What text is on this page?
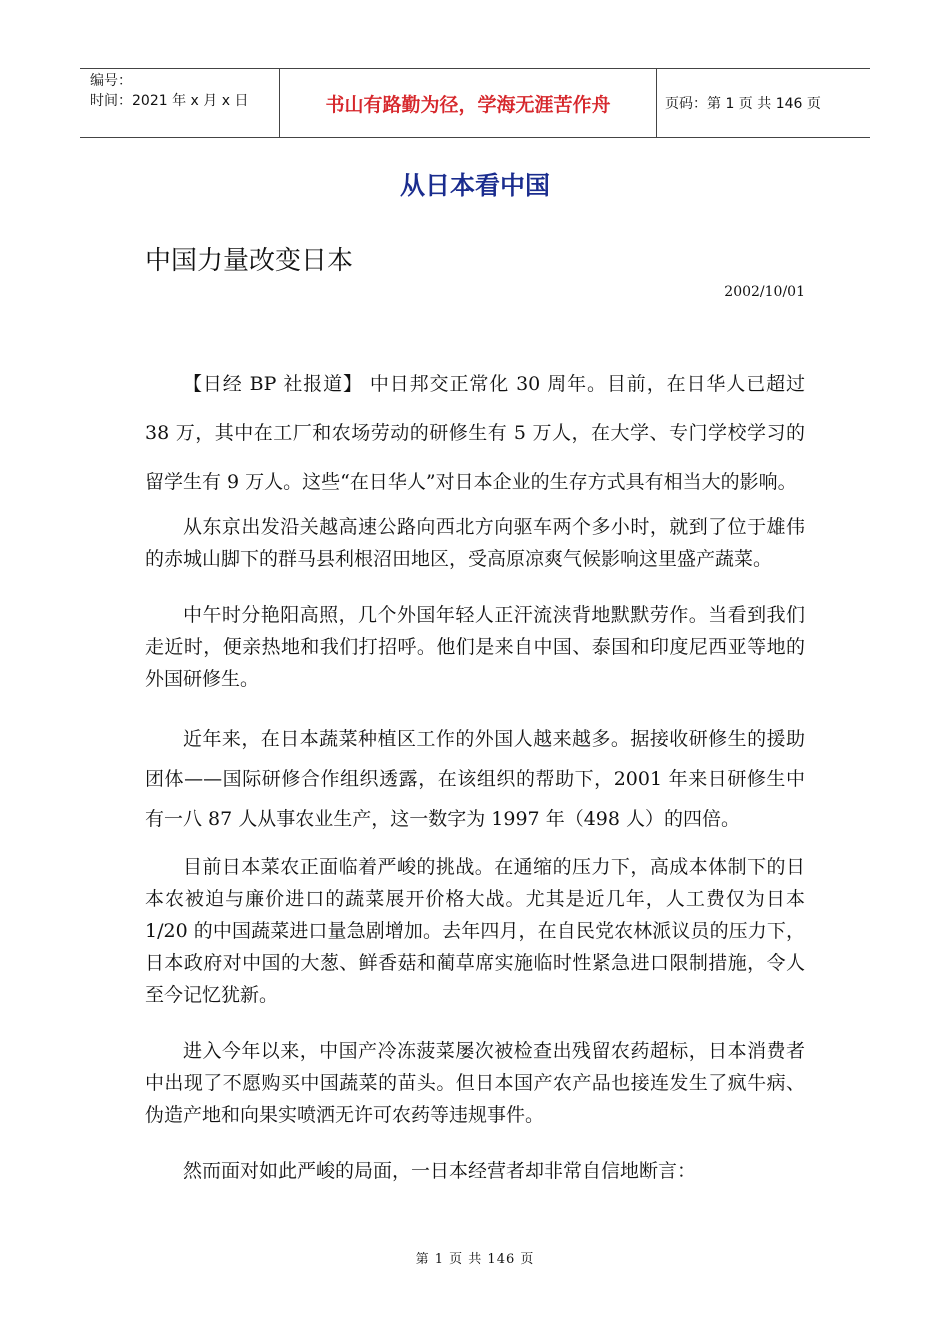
编号：
时间：2021 年 x 月 x 日	书山有路勤为径，学海无涯苦作舟	页码：第 1 页 共 146 页
从日本看中国
中国力量改变日本
2002/10/01

【日经 BP 社报道】 中日邦交正常化 30 周年。目前，在日华人已超过 38 万，其中在工厂和农场劳动的研修生有 5 万人，在大学、专门学校学习的留学生有 9 万人。这些“在日华人”对日本企业的生存方式具有相当大的影响。

从东京出发沿关越高速公路向西北方向驱车两个多小时，就到了位于雄伟的赤城山脚下的群马县利根沼田地区，受高原凉爽气候影响这里盛产蔬菜。

中午时分艳阳高照，几个外国年轻人正汗流浃背地默默劳作。当看到我们走近时，便亲热地和我们打招呼。他们是来自中国、泰国和印度尼西亚等地的外国研修生。

近年来，在日本蔬菜种植区工作的外国人越来越多。据接收研修生的援助团体——国际研修合作组织透露，在该组织的帮助下，2001 年来日研修生中有一八 87 人从事农业生产，这一数字为 1997 年（498 人）的四倍。

目前日本菜农正面临着严峻的挑战。在通缩的压力下，高成本体制下的日本农被迫与廉价进口的蔬菜展开价格大战。尤其是近几年，人工费仅为日本 1/20 的中国蔬菜进口量急剧增加。去年四月，在自民党农林派议员的压力下，日本政府对中国的大葱、鲜香菇和蔺草席实施临时性紧急进口限制措施，令人至今记忆犹新。

进入今年以来，中国产冷冻菠菜屡次被检查出残留农药超标，日本消费者中出现了不愿购买中国蔬菜的苗头。但日本国产农产品也接连发生了疯牛病、伪造产地和向果实喷洒无许可农药等违规事件。

然而面对如此严峻的局面，一日本经营者却非常自信地断言：

第 1 页 共 146 页
